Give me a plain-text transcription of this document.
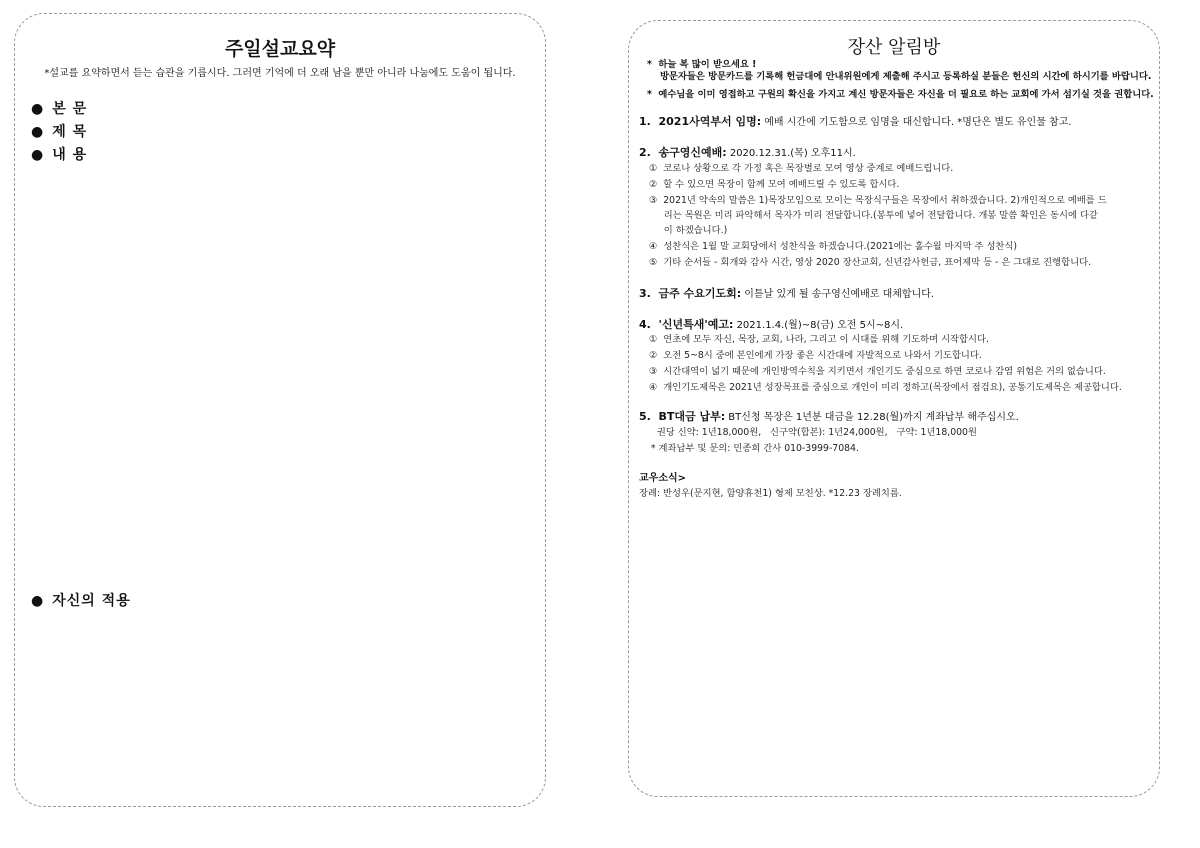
주일설교요약
*설교를 요약하면서 듣는 습관을 기릅시다. 그러면 기억에 더 오래 남을 뿐만 아니라 나눔에도 도움이 됩니다.
● 본 문
● 제 목
● 내 용
● 자신의 적용
장산 알림방
*  하늘 복 많이 받으세요 !
방문자들은 방문카드를 기록해 헌금대에 안내위원에게 제출해 주시고 등록하실 분들은 헌신의 시간에 하시기를 바랍니다.
*  예수님을 이미 영접하고 구원의 확신을 가지고 계신 방문자들은 자신을 더 필요로 하는 교회에 가서 섬기실 것을 권합니다.
1.  2021사역부서 임명: 예배 시간에 기도함으로 임명을 대신합니다. *명단은 별도 유인물 참고.
2.  송구영신예배: 2020.12.31.(목) 오후11시.
①  코로나 상황으로 각 가정 혹은 목장별로 모여 영상 중계로 예배드립니다.
②  할 수 있으면 목장이 함께 모여 예배드릴 수 있도록 합시다.
③  2021년 약속의 말씀은 1)목장모임으로 모이는 목장식구들은 목장에서 취하겠습니다. 2)개인적으로 예배를 드
리는 목원은 미리 파악해서 목자가 미리 전달합니다.(봉투에 넣어 전달합니다. 개봉 말씀 확인은 동시에 다같
이 하겠습니다.)
④  성찬식은 1월 말 교회당에서 성찬식을 하겠습니다.(2021에는 홀수월 마지막 주 성찬식)
⑤  기타 순서들 - 회개와 감사 시간, 영상 2020 장산교회, 신년감사헌금, 표어제막 등 - 은 그대로 진행합니다.
3.  금주 수요기도회: 이튿날 있게 될 송구영신예배로 대체합니다.
4.  '신년특새'예고: 2021.1.4.(월)~8(금) 오전 5시~8시.
①  연초에 모두 자신, 목장, 교회, 나라, 그리고 이 시대를 위해 기도하며 시작합시다.
②  오전 5~8시 중에 본인에게 가장 좋은 시간대에 자발적으로 나와서 기도합니다.
③  시간대역이 넓기 때문에 개인방역수칙을 지키면서 개인기도 중심으로 하면 코로나 감염 위험은 거의 없습니다.
④  개인기도제목은 2021년 성장목표를 중심으로 개인이 미리 정하고(목장에서 점검요), 공통기도제목은 제공합니다.
5.  BT대금 납부: BT신청 목장은 1년분 대금을 12.28(월)까지 계좌납부 해주십시오.
권당 신약: 1년18,000원,   신구약(합본): 1년24,000원,   구약: 1년18,000원
* 계좌납부 및 문의: 민종희 간사 010-3999-7084.
교우소식>
장례: 반성우(문지현, 함양휴천1) 형제 모친상. *12.23 장례치름.
